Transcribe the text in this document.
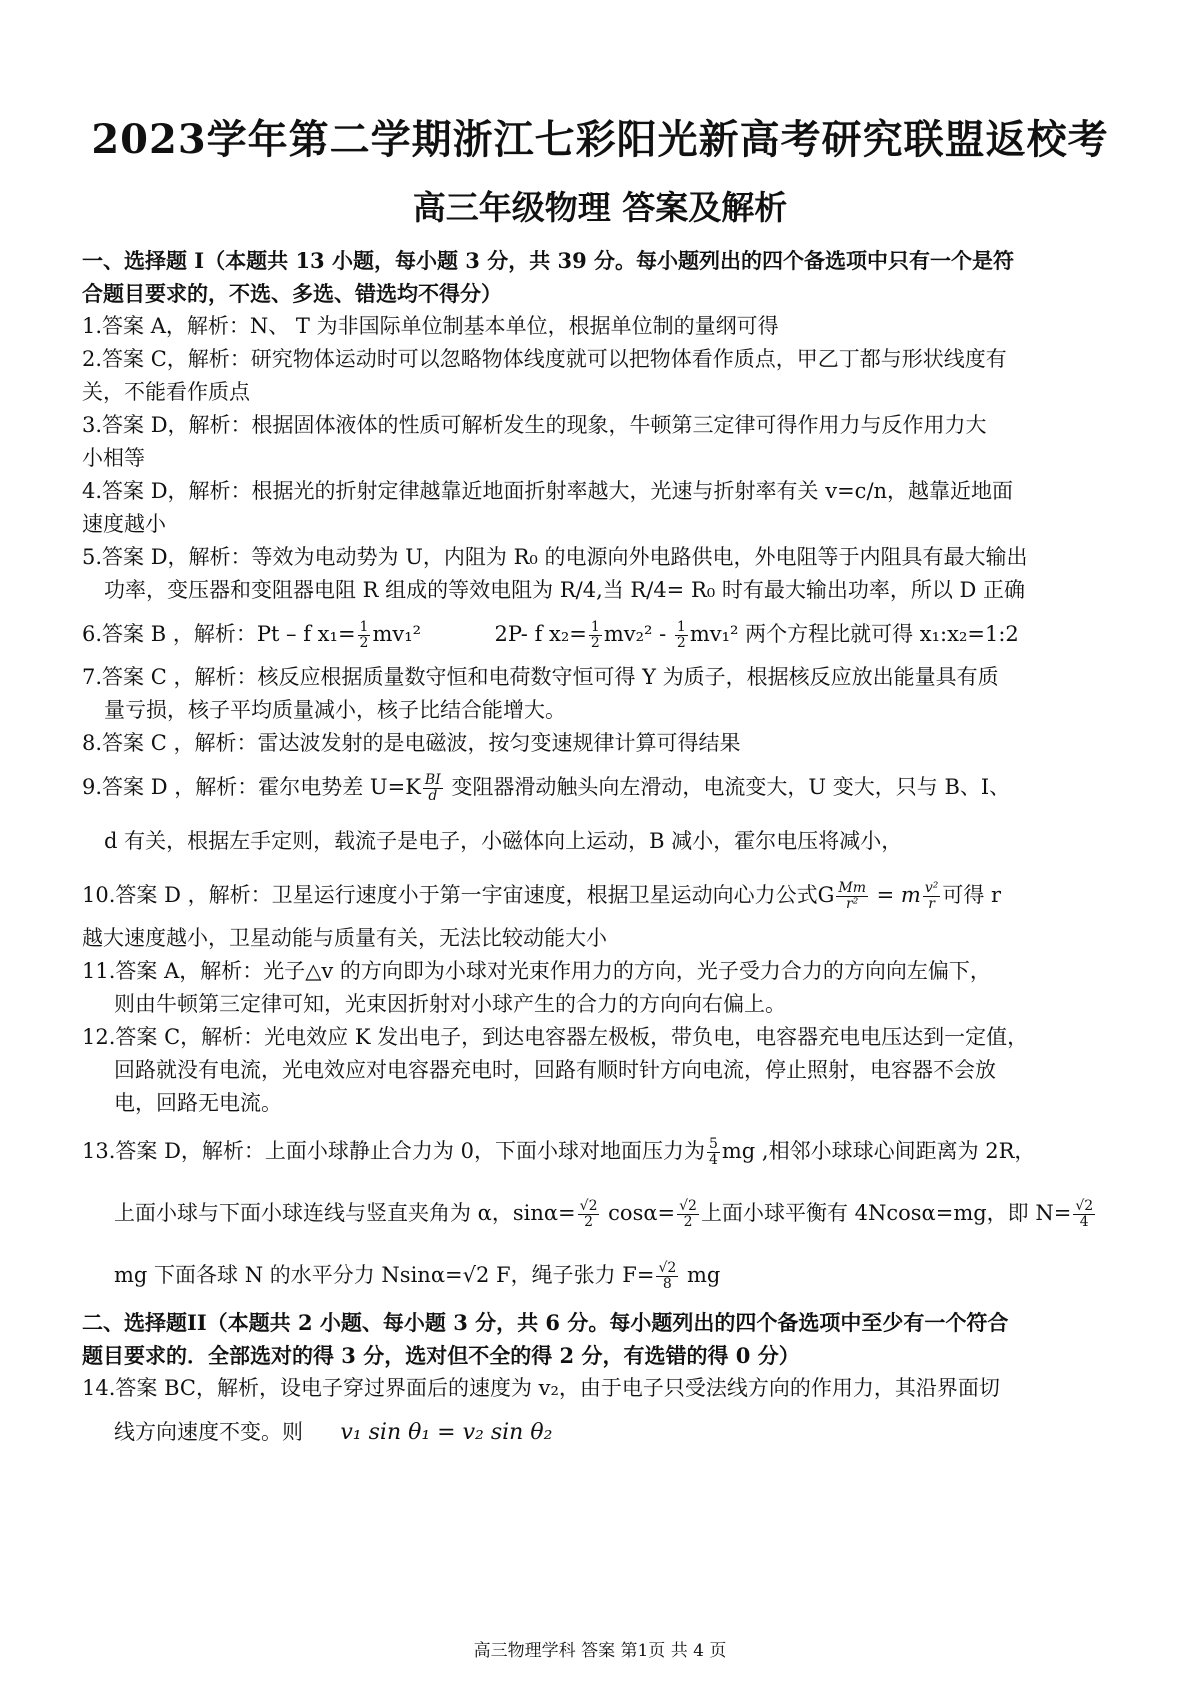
2023学年第二学期浙江七彩阳光新高考研究联盟返校考
高三年级物理 答案及解析
一、选择题 I（本题共 13 小题，每小题 3 分，共 39 分。每小题列出的四个备选项中只有一个是符
合题目要求的，不选、多选、错选均不得分）
1.答案 A，解析：N、 T 为非国际单位制基本单位，根据单位制的量纲可得
2.答案 C，解析：研究物体运动时可以忽略物体线度就可以把物体看作质点，甲乙丁都与形状线度有
关，不能看作质点
3.答案 D，解析：根据固体液体的性质可解析发生的现象，牛顿第三定律可得作用力与反作用力大
小相等
4.答案 D，解析：根据光的折射定律越靠近地面折射率越大，光速与折射率有关 v=c/n，越靠近地面
速度越小
5.答案 D，解析：等效为电动势为 U，内阻为 R₀ 的电源向外电路供电，外电阻等于内阻具有最大输出
功率，变压器和变阻器电阻 R 组成的等效电阻为 R/4,当 R/4= R₀ 时有最大输出功率，所以 D 正确
6.答案 B ，解析：Pt – f $x_1= \frac{1}{2} mv_1^2$	2P- f $x_2= \frac{1}{2} mv_2^2 - \frac{1}{2} mv_1^2$ 两个方程比就可得 x₁:x₂=1:2
7.答案 C ，解析：核反应根据质量数守恒和电荷数守恒可得 Y 为质子，根据核反应放出能量具有质
量亏损，核子平均质量减小，核子比结合能增大。
8.答案 C ，解析：雷达波发射的是电磁波，按匀变速规律计算可得结果
9.答案 D ，解析：霍尔电势差 $U=K \frac{BI}{d}$ 变阻器滑动触头向左滑动，电流变大，U 变大，只与 B、I、
d 有关，根据左手定则，载流子是电子，小磁体向上运动，B 减小，霍尔电压将减小，
10.答案 D ，解析：卫星运行速度小于第一宇宙速度，根据卫星运动向心力公式G $\frac{Mm}{\text{r²}} = m \frac{\text{v²}}{r}$ 可得 r
越大速度越小，卫星动能与质量有关，无法比较动能大小
11.答案 A，解析：光子△v 的方向即为小球对光束作用力的方向，光子受力合力的方向向左偏下，
则由牛顿第三定律可知，光束因折射对小球产生的合力的方向向右偏上。
12.答案 C，解析：光电效应 K 发出电子，到达电容器左极板，带负电，电容器充电电压达到一定值，
回路就没有电流，光电效应对电容器充电时，回路有顺时针方向电流，停止照射，电容器不会放
电，回路无电流。
13.答案 D，解析：上面小球静止合力为 0，下面小球对地面压力为 $\frac{5}{4}$ mg ,相邻小球球心间距离为 2R，
上面小球与下面小球连线与竖直夹角为 α，$\sin\alpha= \frac{√2}{2} \cos\alpha= \frac{√2}{2}$ 上面小球平衡有 4Ncosα=mg，即 $N= \frac{√2}{4}$
mg 下面各球 N 的水平分力 Nsinα=√2 F，绳子张力 $F= \frac{√2}{8}$ mg
二、选择题II（本题共 2 小题、每小题 3 分，共 6 分。每小题列出的四个备选项中至少有一个符合
题目要求的．全部选对的得 3 分，选对但不全的得 2 分，有选错的得 0 分）
14.答案 BC，解析，设电子穿过界面后的速度为 v₂，由于电子只受法线方向的作用力，其沿界面切
线方向速度不变。则 v₁ sin θ₁ = v₂ sin θ₂
高三物理学科 答案 第1页 共 4 页
